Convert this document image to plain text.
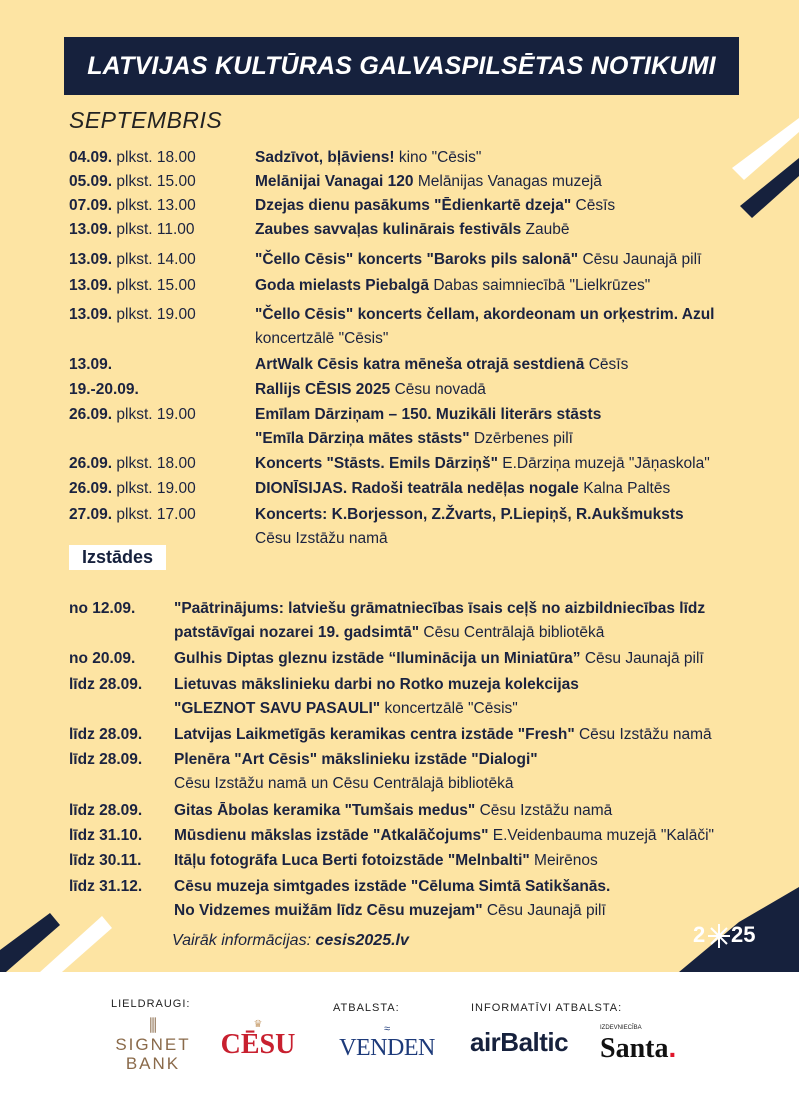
LATVIJAS KULTŪRAS GALVASPILSĒTAS NOTIKUMI
SEPTEMBRIS
04.09. plkst. 18.00	Sadzīvot, bļāviens! kino "Cēsis"
05.09. plkst. 15.00	Melānijai Vanagai 120 Melānijas Vanagas muzejā
07.09. plkst. 13.00	Dzejas dienu pasākums "Ēdienkartē dzeja" Cēsīs
13.09. plkst. 11.00	Zaubes savvaļas kulinārais festivāls Zaubē
13.09. plkst. 14.00	"Čello Cēsis" koncerts "Baroks pils salonā" Cēsu Jaunajā pilī
13.09. plkst. 15.00	Goda mielasts Piebalgā Dabas saimniecībā "Lielkrūzes"
13.09. plkst. 19.00	"Čello Cēsis" koncerts čellam, akordeonam un orķestrim. Azul
koncertzālē "Cēsis"
13.09.	ArtWalk Cēsis katra mēneša otrajā sestdienā Cēsīs
19.-20.09.	Rallijs CĒSIS 2025 Cēsu novadā
26.09. plkst. 19.00	Emīlam Dārziņam – 150. Muzikāli literārs stāsts
"Emīla Dārziņa mātes stāsts" Dzērbenes pilī
26.09. plkst. 18.00	Koncerts "Stāsts. Emils Dārziņš" E.Dārziņa muzejā "Jāņaskola"
26.09. plkst. 19.00	DIONĪSIJAS. Radoši teatrāla nedēļas nogale Kalna Paltēs
27.09. plkst. 17.00	Koncerts: K.Borjesson, Z.Žvarts, P.Liepiņš, R.Aukšmuksts
Cēsu Izstāžu namā
Izstādes
no 12.09. "Paātrinājums: latviešu grāmatniecības īsais ceļš no aizbildniecības līdz
patstāvīgai nozarei 19. gadsimtā" Cēsu Centrālajā bibliotēkā
no 20.09. Gulhis Diptas gleznu izstāde “Iluminācija un Miniatūra” Cēsu Jaunajā pilī
līdz 28.09. Lietuvas mākslinieku darbi no Rotko muzeja kolekcijas
"GLEZNOT SAVU PASAULI" koncertzālē "Cēsis"
līdz 28.09. Latvijas Laikmetīgās keramikas centra izstāde "Fresh" Cēsu Izstāžu namā
līdz 28.09. Plenēra "Art Cēsis" mākslinieku izstāde "Dialogi"
Cēsu Izstāžu namā un Cēsu Centrālajā bibliotēkā
līdz 28.09. Gitas Ābolas keramika "Tumšais medus" Cēsu Izstāžu namā
līdz 31.10. Mūsdienu mākslas izstāde "Atkalāčojums" E.Veidenbauma muzejā "Kalāči"
līdz 30.11. Itāļu fotogrāfa Luca Berti fotoizstāde "Melnbalti" Meirēnos
līdz 31.12. Cēsu muzeja simtgades izstāde "Cēluma Simtā Satikšanās.
No Vidzemes muižām līdz Cēsu muzejam" Cēsu Jaunajā pilī
Vairāk informācijas: cesis2025.lv	2 25
LIELDRAUGI:	ATBALSTA:	INFORMATĪVI ATBALSTA:
⫼
SIGNET
BANK
♛
CĒSU	≈
VENDEN airBaltic	IZDEVNIECĪBA
Santa.
